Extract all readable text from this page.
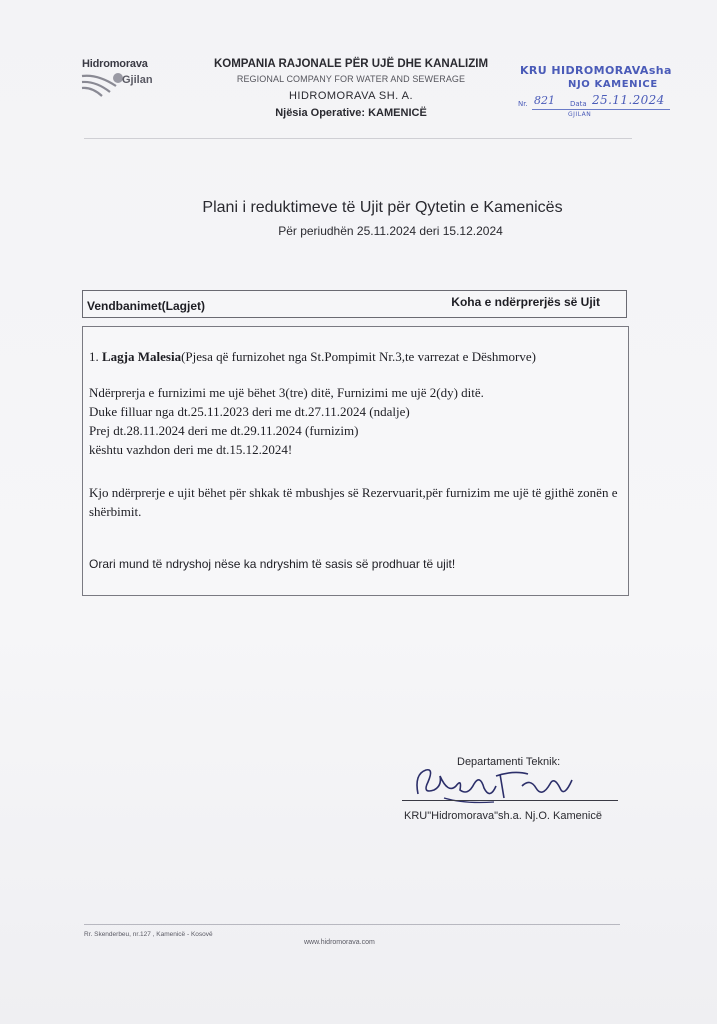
Hidromorava
Gjilan
KOMPANIA RAJONALE PËR UJË DHE KANALIZIM
REGIONAL COMPANY FOR WATER AND SEWERAGE
HIDROMORAVA SH. A.
Njësia Operative: KAMENICË
KRU HIDROMORAVAsha
NJO KAMENICE
Nr. 821 Data 25.11.2024
GJILAN
Plani i reduktimeve të Ujit për Qytetin e Kamenicës
Për periudhën 25.11.2024 deri 15.12.2024
Vendbanimet(Lagjet)	Koha e ndërprerjës së Ujit
1. Lagja Malesia(Pjesa që furnizohet nga St.Pompimit Nr.3,te varrezat e Dëshmorve)
Ndërprerja e furnizimi me ujë bëhet 3(tre) ditë, Furnizimi me ujë 2(dy) ditë.
Duke filluar nga dt.25.11.2023 deri me dt.27.11.2024 (ndalje)
Prej dt.28.11.2024 deri me dt.29.11.2024 (furnizim)
kështu vazhdon deri me dt.15.12.2024!
Kjo ndërprerje e ujit bëhet për shkak të mbushjes së Rezervuarit,për furnizim me ujë të gjithë zonën e shërbimit.
Orari mund të ndryshoj nëse ka ndryshim të sasis së prodhuar të ujit!
Departamenti Teknik:
KRU"Hidromorava"sh.a. Nj.O. Kamenicë
Rr. Skenderbeu, nr.127 , Kamenicë - Kosovë
www.hidromorava.com
